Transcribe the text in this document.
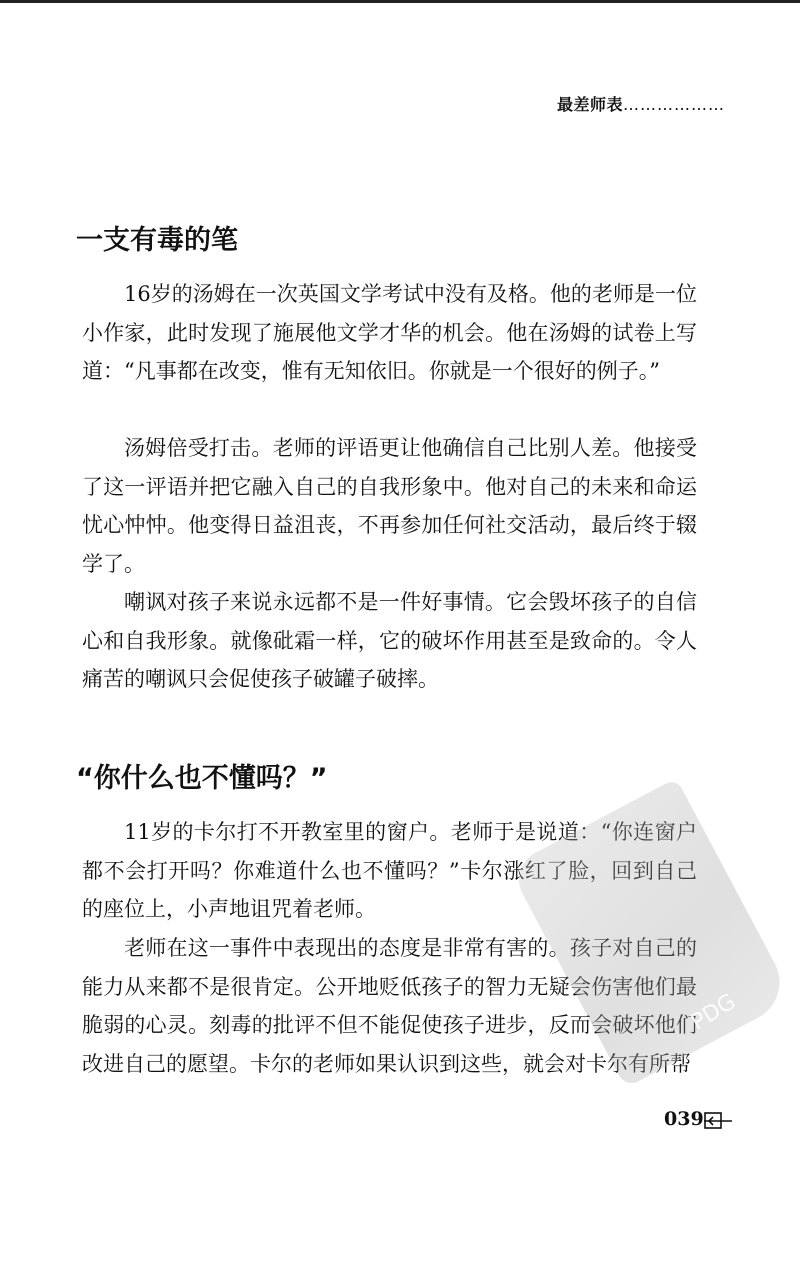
最差师表………………
一支有毒的笔

16岁的汤姆在一次英国文学考试中没有及格。他的老师是一位小作家，此时发现了施展他文学才华的机会。他在汤姆的试卷上写道：“凡事都在改变，惟有无知依旧。你就是一个很好的例子。”

汤姆倍受打击。老师的评语更让他确信自己比别人差。他接受了这一评语并把它融入自己的自我形象中。他对自己的未来和命运忧心忡忡。他变得日益沮丧，不再参加任何社交活动，最后终于辍学了。

嘲讽对孩子来说永远都不是一件好事情。它会毁坏孩子的自信心和自我形象。就像砒霜一样，它的破坏作用甚至是致命的。令人痛苦的嘲讽只会促使孩子破罐子破摔。

“你什么也不懂吗？”

11岁的卡尔打不开教室里的窗户。老师于是说道：“你连窗户都不会打开吗？你难道什么也不懂吗？”卡尔涨红了脸，回到自己的座位上，小声地诅咒着老师。

老师在这一事件中表现出的态度是非常有害的。孩子对自己的能力从来都不是很肯定。公开地贬低孩子的智力无疑会伤害他们最脆弱的心灵。刻毒的批评不但不能促使孩子进步，反而会破坏他们改进自己的愿望。卡尔的老师如果认识到这些，就会对卡尔有所帮

PDG
039
